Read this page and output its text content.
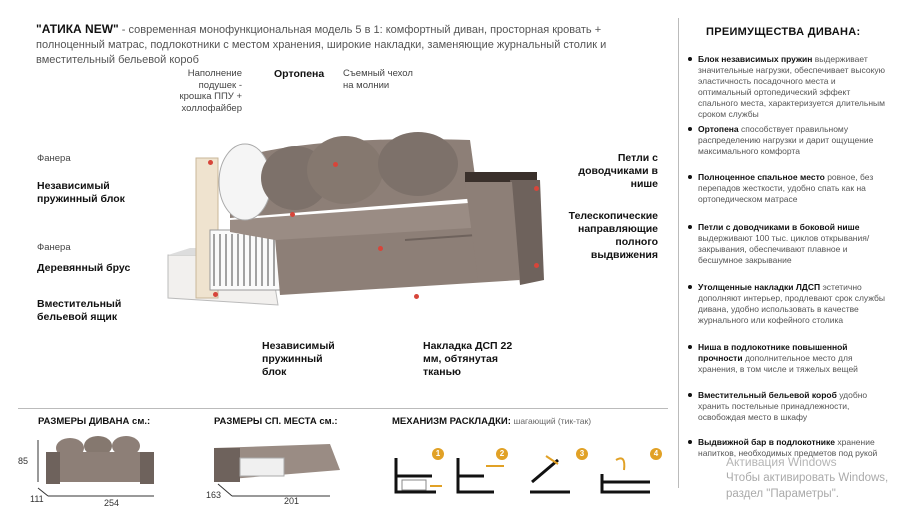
"АТИКА NEW" - современная монофункциональная модель 5 в 1: комфортный диван, просторная кровать + полноценный матрас, подлокотники с местом хранения, широкие накладки, заменяющие журнальный столик и вместительный бельевой короб
Наполнение подушек - крошка ППУ + холлофайбер
Ортопена Съемный чехол на молнии
Фанера
Независимый пружинный блок
Фанера
Деревянный брус
Вместительный бельевой ящик
Петли с доводчиками в нише
Телескопические направляющие полного выдвижения
Независимый пружинный блок
Накладка ДСП 22 мм, обтянутая тканью
ПРЕИМУЩЕСТВА ДИВАНА:
Блок независимых пружин выдерживает значительные нагрузки, обеспечивает высокую эластичность посадочного места и оптимальный ортопедический эффект спального места, характеризуется длительным сроком службы
Ортопена способствует правильному распределению нагрузки и дарит ощущение максимального комфорта
Полноценное спальное место ровное, без перепадов жесткости, удобно спать как на ортопедическом матрасе
Петли с доводчиками в боковой нише выдерживают 100 тыс. циклов открывания/закрывания, обеспечивают плавное и бесшумное закрывание
Утолщенные накладки ЛДСП эстетично дополняют интерьер, продлевают срок службы дивана, удобно использовать в качестве журнального или кофейного столика
Ниша в подлокотнике повышенной прочности дополнительное место для хранения, в том числе и тяжелых вещей
Вместительный бельевой короб удобно хранить постельные принадлежности, освобождая место в шкафу
Выдвижной бар в подлокотнике хранение напитков, необходимых предметов под рукой
РАЗМЕРЫ ДИВАНА см.:	РАЗМЕРЫ СП. МЕСТА см.:	МЕХАНИЗМ РАСКЛАДКИ: шагающий (тик-так)
85
111	254
163
201
1	2	3	4
Активация Windows
Чтобы активировать Windows,
раздел "Параметры".
